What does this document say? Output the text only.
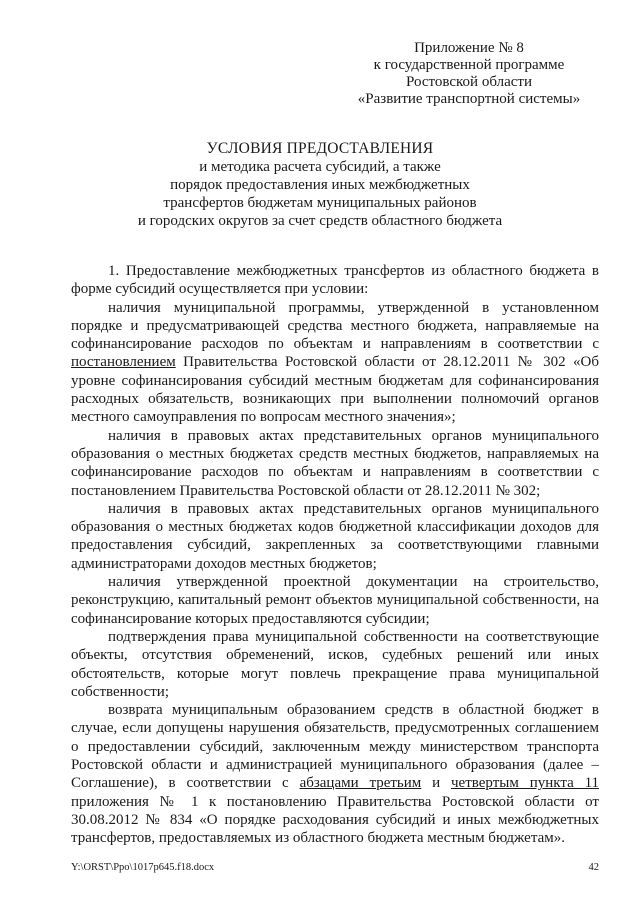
Приложение № 8
к государственной программе
Ростовской области
«Развитие транспортной системы»
УСЛОВИЯ ПРЕДОСТАВЛЕНИЯ
и методика расчета субсидий, а также
порядок предоставления иных межбюджетных
трансфертов бюджетам муниципальных районов
и городских округов за счет средств областного бюджета

1. Предоставление межбюджетных трансфертов из областного бюджета в форме субсидий осуществляется при условии:

наличия муниципальной программы, утвержденной в установленном порядке и предусматривающей средства местного бюджета, направляемые на софинансирование расходов по объектам и направлениям в соответствии с постановлением Правительства Ростовской области от 28.12.2011 № 302 «Об уровне софинансирования субсидий местным бюджетам для софинансирования расходных обязательств, возникающих при выполнении полномочий органов местного самоуправления по вопросам местного значения»;

наличия в правовых актах представительных органов муниципального образования о местных бюджетах средств местных бюджетов, направляемых на софинансирование расходов по объектам и направлениям в соответствии с постановлением Правительства Ростовской области от 28.12.2011 № 302;

наличия в правовых актах представительных органов муниципального образования о местных бюджетах кодов бюджетной классификации доходов для предоставления субсидий, закрепленных за соответствующими главными администраторами доходов местных бюджетов;

наличия утвержденной проектной документации на строительство, реконструкцию, капитальный ремонт объектов муниципальной собственности, на софинансирование которых предоставляются субсидии;

подтверждения права муниципальной собственности на соответствующие объекты, отсутствия обременений, исков, судебных решений или иных обстоятельств, которые могут повлечь прекращение права муниципальной собственности;

возврата муниципальным образованием средств в областной бюджет в случае, если допущены нарушения обязательств, предусмотренных соглашением о предоставлении субсидий, заключенным между министерством транспорта Ростовской области и администрацией муниципального образования (далее – Соглашение), в соответствии с абзацами третьим и четвертым пункта 11 приложения № 1 к постановлению Правительства Ростовской области от 30.08.2012 № 834 «О порядке расходования субсидий и иных межбюджетных трансфертов, предоставляемых из областного бюджета местным бюджетам».

Y:\ORST\Ppo\1017p645.f18.docx	42
